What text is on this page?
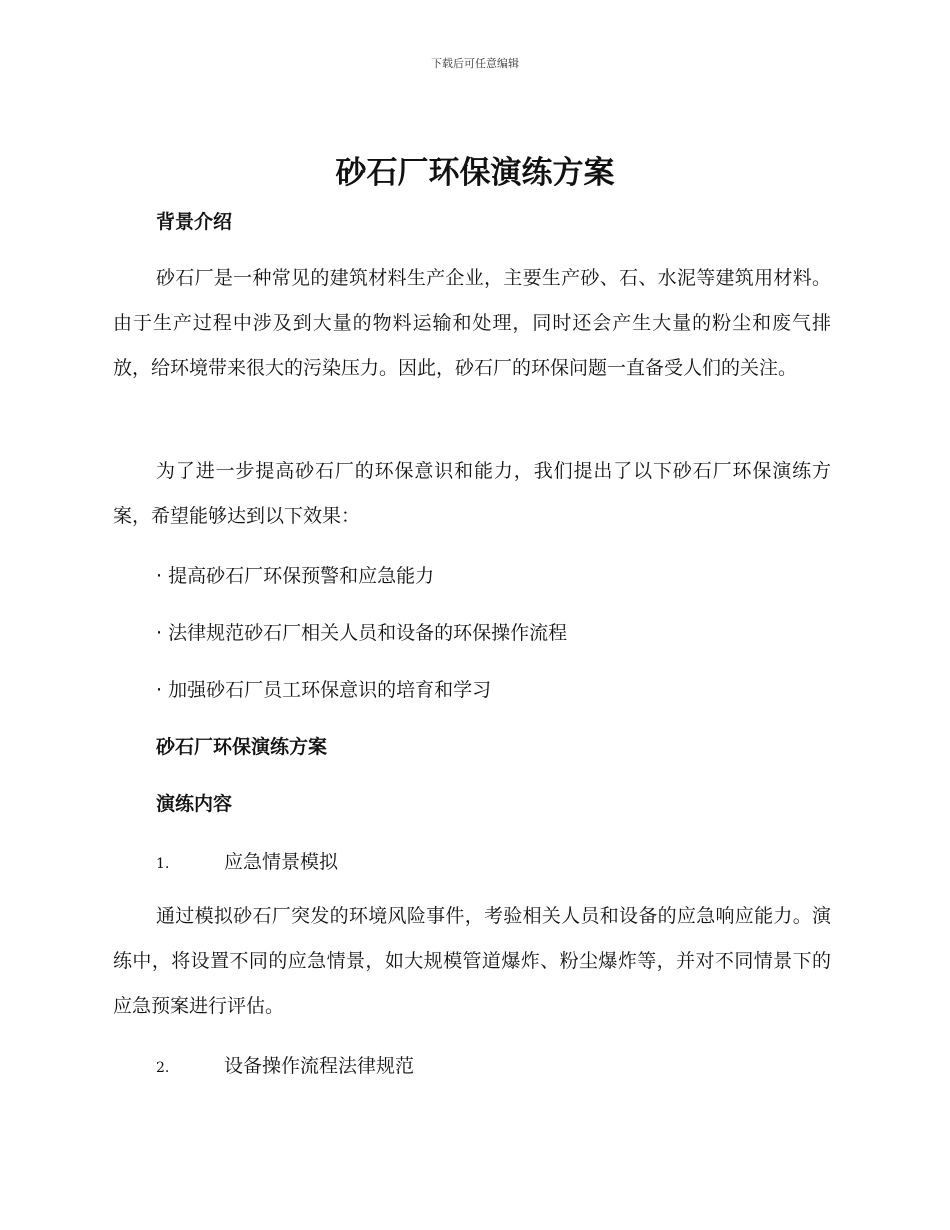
下载后可任意编辑
砂石厂环保演练方案
背景介绍

砂石厂是一种常见的建筑材料生产企业，主要生产砂、石、水泥等建筑用材料。由于生产过程中涉及到大量的物料运输和处理，同时还会产生大量的粉尘和废气排放，给环境带来很大的污染压力。因此，砂石厂的环保问题一直备受人们的关注。

为了进一步提高砂石厂的环保意识和能力，我们提出了以下砂石厂环保演练方案，希望能够达到以下效果：

· 提高砂石厂环保预警和应急能力
· 法律规范砂石厂相关人员和设备的环保操作流程
· 加强砂石厂员工环保意识的培育和学习
砂石厂环保演练方案
演练内容
1.	应急情景模拟

通过模拟砂石厂突发的环境风险事件，考验相关人员和设备的应急响应能力。演练中，将设置不同的应急情景，如大规模管道爆炸、粉尘爆炸等，并对不同情景下的应急预案进行评估。

2.	设备操作流程法律规范
